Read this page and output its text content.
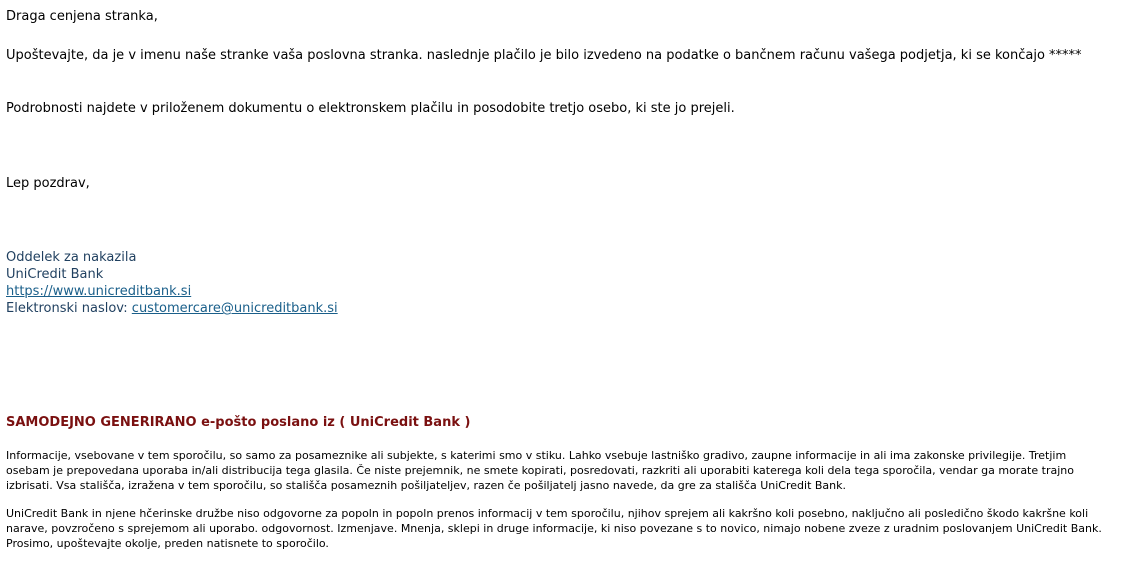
Draga cenjena stranka,

Upoštevajte, da je v imenu naše stranke vaša poslovna stranka. naslednje plačilo je bilo izvedeno na podatke o bančnem računu vašega podjetja, ki se končajo *****

Podrobnosti najdete v priloženem dokumentu o elektronskem plačilu in posodobite tretjo osebo, ki ste jo prejeli.

Lep pozdrav,

Oddelek za nakazila
UniCredit Bank
https://www.unicreditbank.si
Elektronski naslov: customercare@unicreditbank.si
SAMODEJNO GENERIRANO e-pošto poslano iz ( UniCredit Bank )
Informacije, vsebovane v tem sporočilu, so samo za posameznike ali subjekte, s katerimi smo v stiku. Lahko vsebuje lastniško gradivo, zaupne informacije in ali ima zakonske privilegije. Tretjim osebam je prepovedana uporaba in/ali distribucija tega glasila. Če niste prejemnik, ne smete kopirati, posredovati, razkriti ali uporabiti katerega koli dela tega sporočila, vendar ga morate trajno izbrisati. Vsa stališča, izražena v tem sporočilu, so stališča posameznih pošiljateljev, razen če pošiljatelj jasno navede, da gre za stališča UniCredit Bank.
UniCredit Bank in njene hčerinske družbe niso odgovorne za popoln in popoln prenos informacij v tem sporočilu, njihov sprejem ali kakršno koli posebno, naključno ali posledično škodo kakršne koli narave, povzročeno s sprejemom ali uporabo. odgovornost. Izmenjave. Mnenja, sklepi in druge informacije, ki niso povezane s to novico, nimajo nobene zveze z uradnim poslovanjem UniCredit Bank. Prosimo, upoštevajte okolje, preden natisnete to sporočilo.
